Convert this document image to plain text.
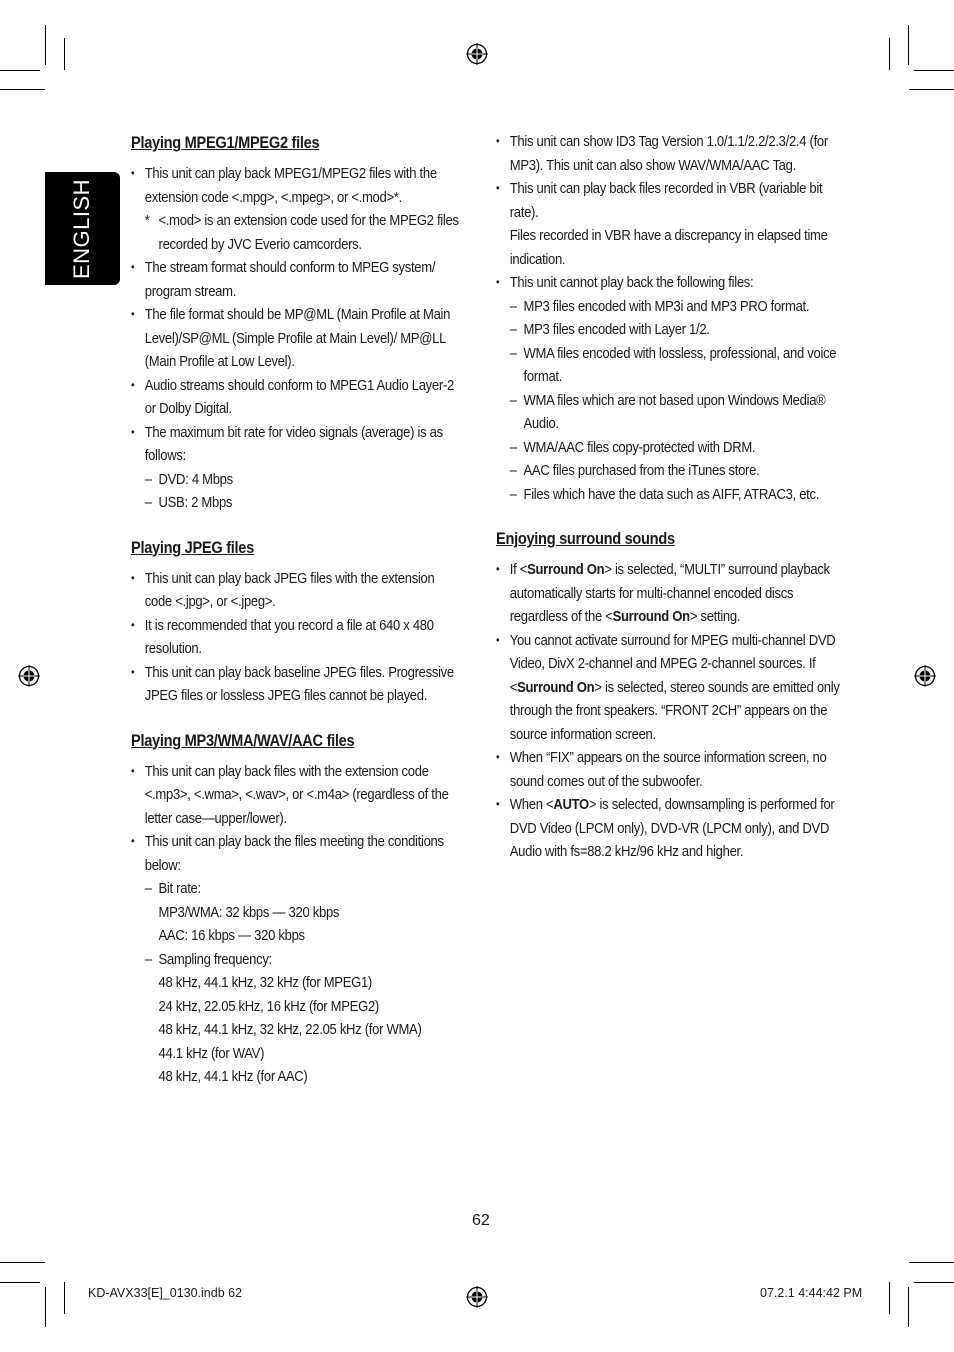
ENGLISH
Playing MPEG1/MPEG2 files
• This unit can play back MPEG1/MPEG2 files with the extension code <.mpg>, <.mpeg>, or <.mod>*.
* <.mod> is an extension code used for the MPEG2 files recorded by JVC Everio camcorders.
• The stream format should conform to MPEG system/ program stream.
• The file format should be MP@ML (Main Profile at Main Level)/SP@ML (Simple Profile at Main Level)/ MP@LL (Main Profile at Low Level).
• Audio streams should conform to MPEG1 Audio Layer-2 or Dolby Digital.
• The maximum bit rate for video signals (average) is as follows:
– DVD: 4 Mbps
– USB: 2 Mbps
Playing JPEG files
• This unit can play back JPEG files with the extension code <.jpg>, or <.jpeg>.
• It is recommended that you record a file at 640 x 480 resolution.
• This unit can play back baseline JPEG files. Progressive JPEG files or lossless JPEG files cannot be played.
Playing MP3/WMA/WAV/AAC files
• This unit can play back files with the extension code <.mp3>, <.wma>, <.wav>, or <.m4a> (regardless of the letter case—upper/lower).
• This unit can play back the files meeting the conditions below:
– Bit rate:
MP3/WMA: 32 kbps — 320 kbps
AAC: 16 kbps — 320 kbps
– Sampling frequency:
48 kHz, 44.1 kHz, 32 kHz (for MPEG1)
24 kHz, 22.05 kHz, 16 kHz (for MPEG2)
48 kHz, 44.1 kHz, 32 kHz, 22.05 kHz (for WMA)
44.1 kHz (for WAV)
48 kHz, 44.1 kHz (for AAC)
• This unit can show ID3 Tag Version 1.0/1.1/2.2/2.3/2.4 (for MP3). This unit can also show WAV/WMA/AAC Tag.
• This unit can play back files recorded in VBR (variable bit rate).
Files recorded in VBR have a discrepancy in elapsed time indication.
• This unit cannot play back the following files:
– MP3 files encoded with MP3i and MP3 PRO format.
– MP3 files encoded with Layer 1/2.
– WMA files encoded with lossless, professional, and voice format.
– WMA files which are not based upon Windows Media® Audio.
– WMA/AAC files copy-protected with DRM.
– AAC files purchased from the iTunes store.
– Files which have the data such as AIFF, ATRAC3, etc.
Enjoying surround sounds
• If <Surround On> is selected, “MULTI” surround playback automatically starts for multi-channel encoded discs regardless of the <Surround On> setting.
• You cannot activate surround for MPEG multi-channel DVD Video, DivX 2-channel and MPEG 2-channel sources. If <Surround On> is selected, stereo sounds are emitted only through the front speakers. “FRONT 2CH” appears on the source information screen.
• When “FIX” appears on the source information screen, no sound comes out of the subwoofer.
• When <AUTO> is selected, downsampling is performed for DVD Video (LPCM only), DVD-VR (LPCM only), and DVD Audio with fs=88.2 kHz/96 kHz and higher.
62
KD-AVX33[E]_0130.indb 62	07.2.1 4:44:42 PM
